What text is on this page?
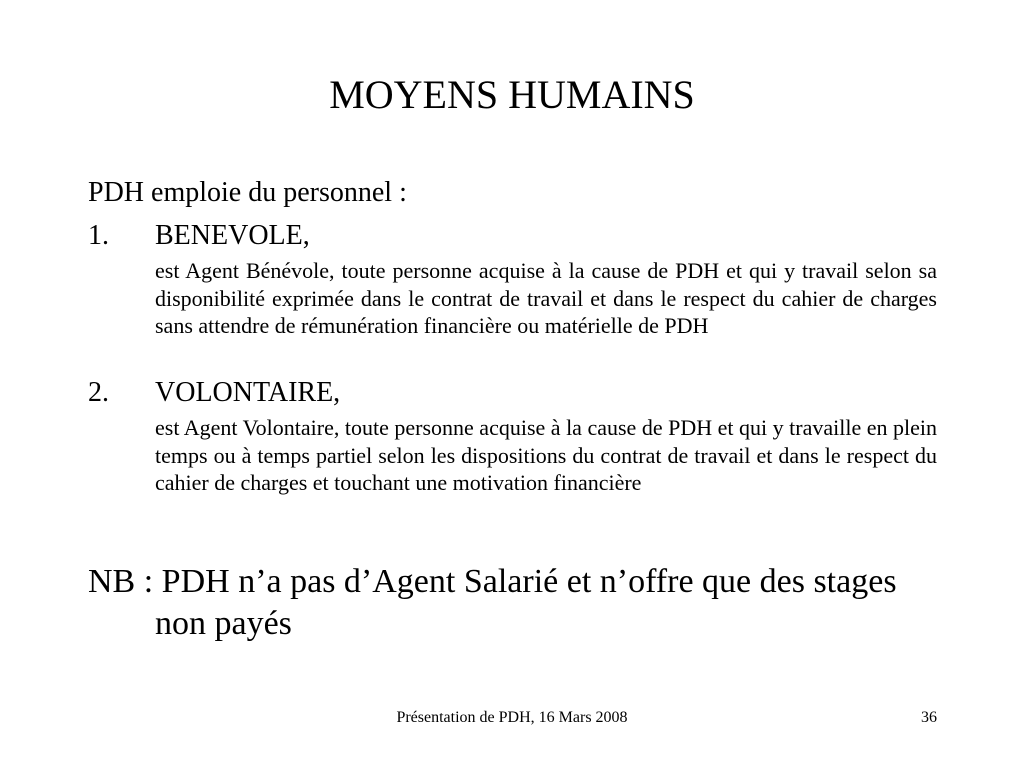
MOYENS HUMAINS
PDH emploie du personnel :
1. BENEVOLE,
est Agent Bénévole, toute personne acquise à la cause de PDH et qui y travail selon sa disponibilité exprimée dans le contrat de travail et dans le respect du cahier de charges sans attendre de rémunération financière ou matérielle de PDH
2. VOLONTAIRE,
est Agent Volontaire, toute personne acquise à la cause de PDH et qui y travaille en plein temps ou à temps partiel selon les dispositions du contrat de travail et dans le respect du cahier de charges et touchant une motivation financière
NB : PDH n’a pas d’Agent Salarié et n’offre que des stages non payés
Présentation de PDH, 16 Mars 2008	36
